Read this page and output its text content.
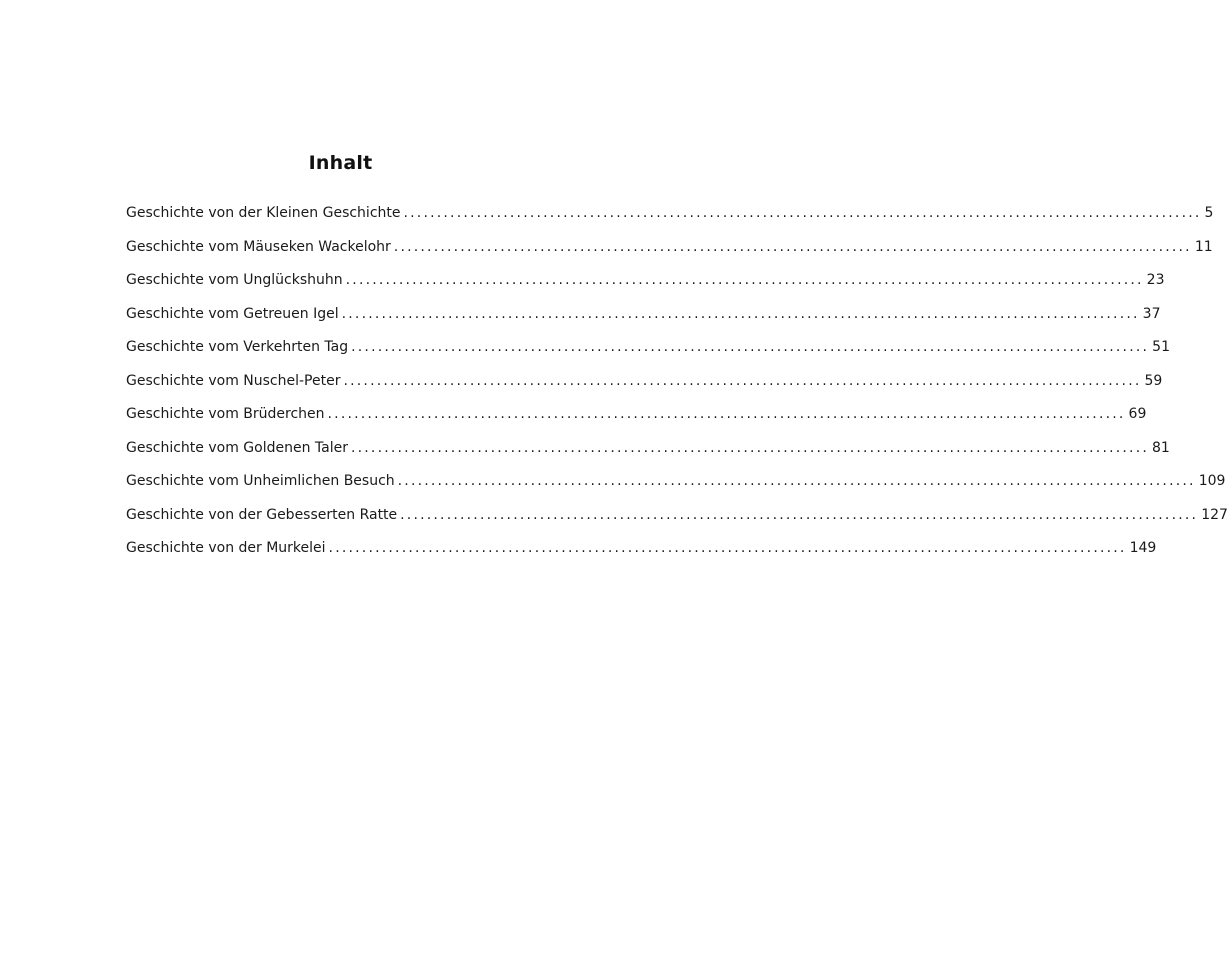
Inhalt
Geschichte von der Kleinen Geschichte ........................................................................................................................ 5
Geschichte vom Mäuseken Wackelohr ........................................................................................................................ 11
Geschichte vom Unglückshuhn ........................................................................................................................ 23
Geschichte vom Getreuen Igel ........................................................................................................................ 37
Geschichte vom Verkehrten Tag ........................................................................................................................ 51
Geschichte vom Nuschel-Peter ........................................................................................................................ 59
Geschichte vom Brüderchen ........................................................................................................................ 69
Geschichte vom Goldenen Taler ........................................................................................................................ 81
Geschichte vom Unheimlichen Besuch ........................................................................................................................ 109
Geschichte von der Gebesserten Ratte ........................................................................................................................ 127
Geschichte von der Murkelei ........................................................................................................................ 149
